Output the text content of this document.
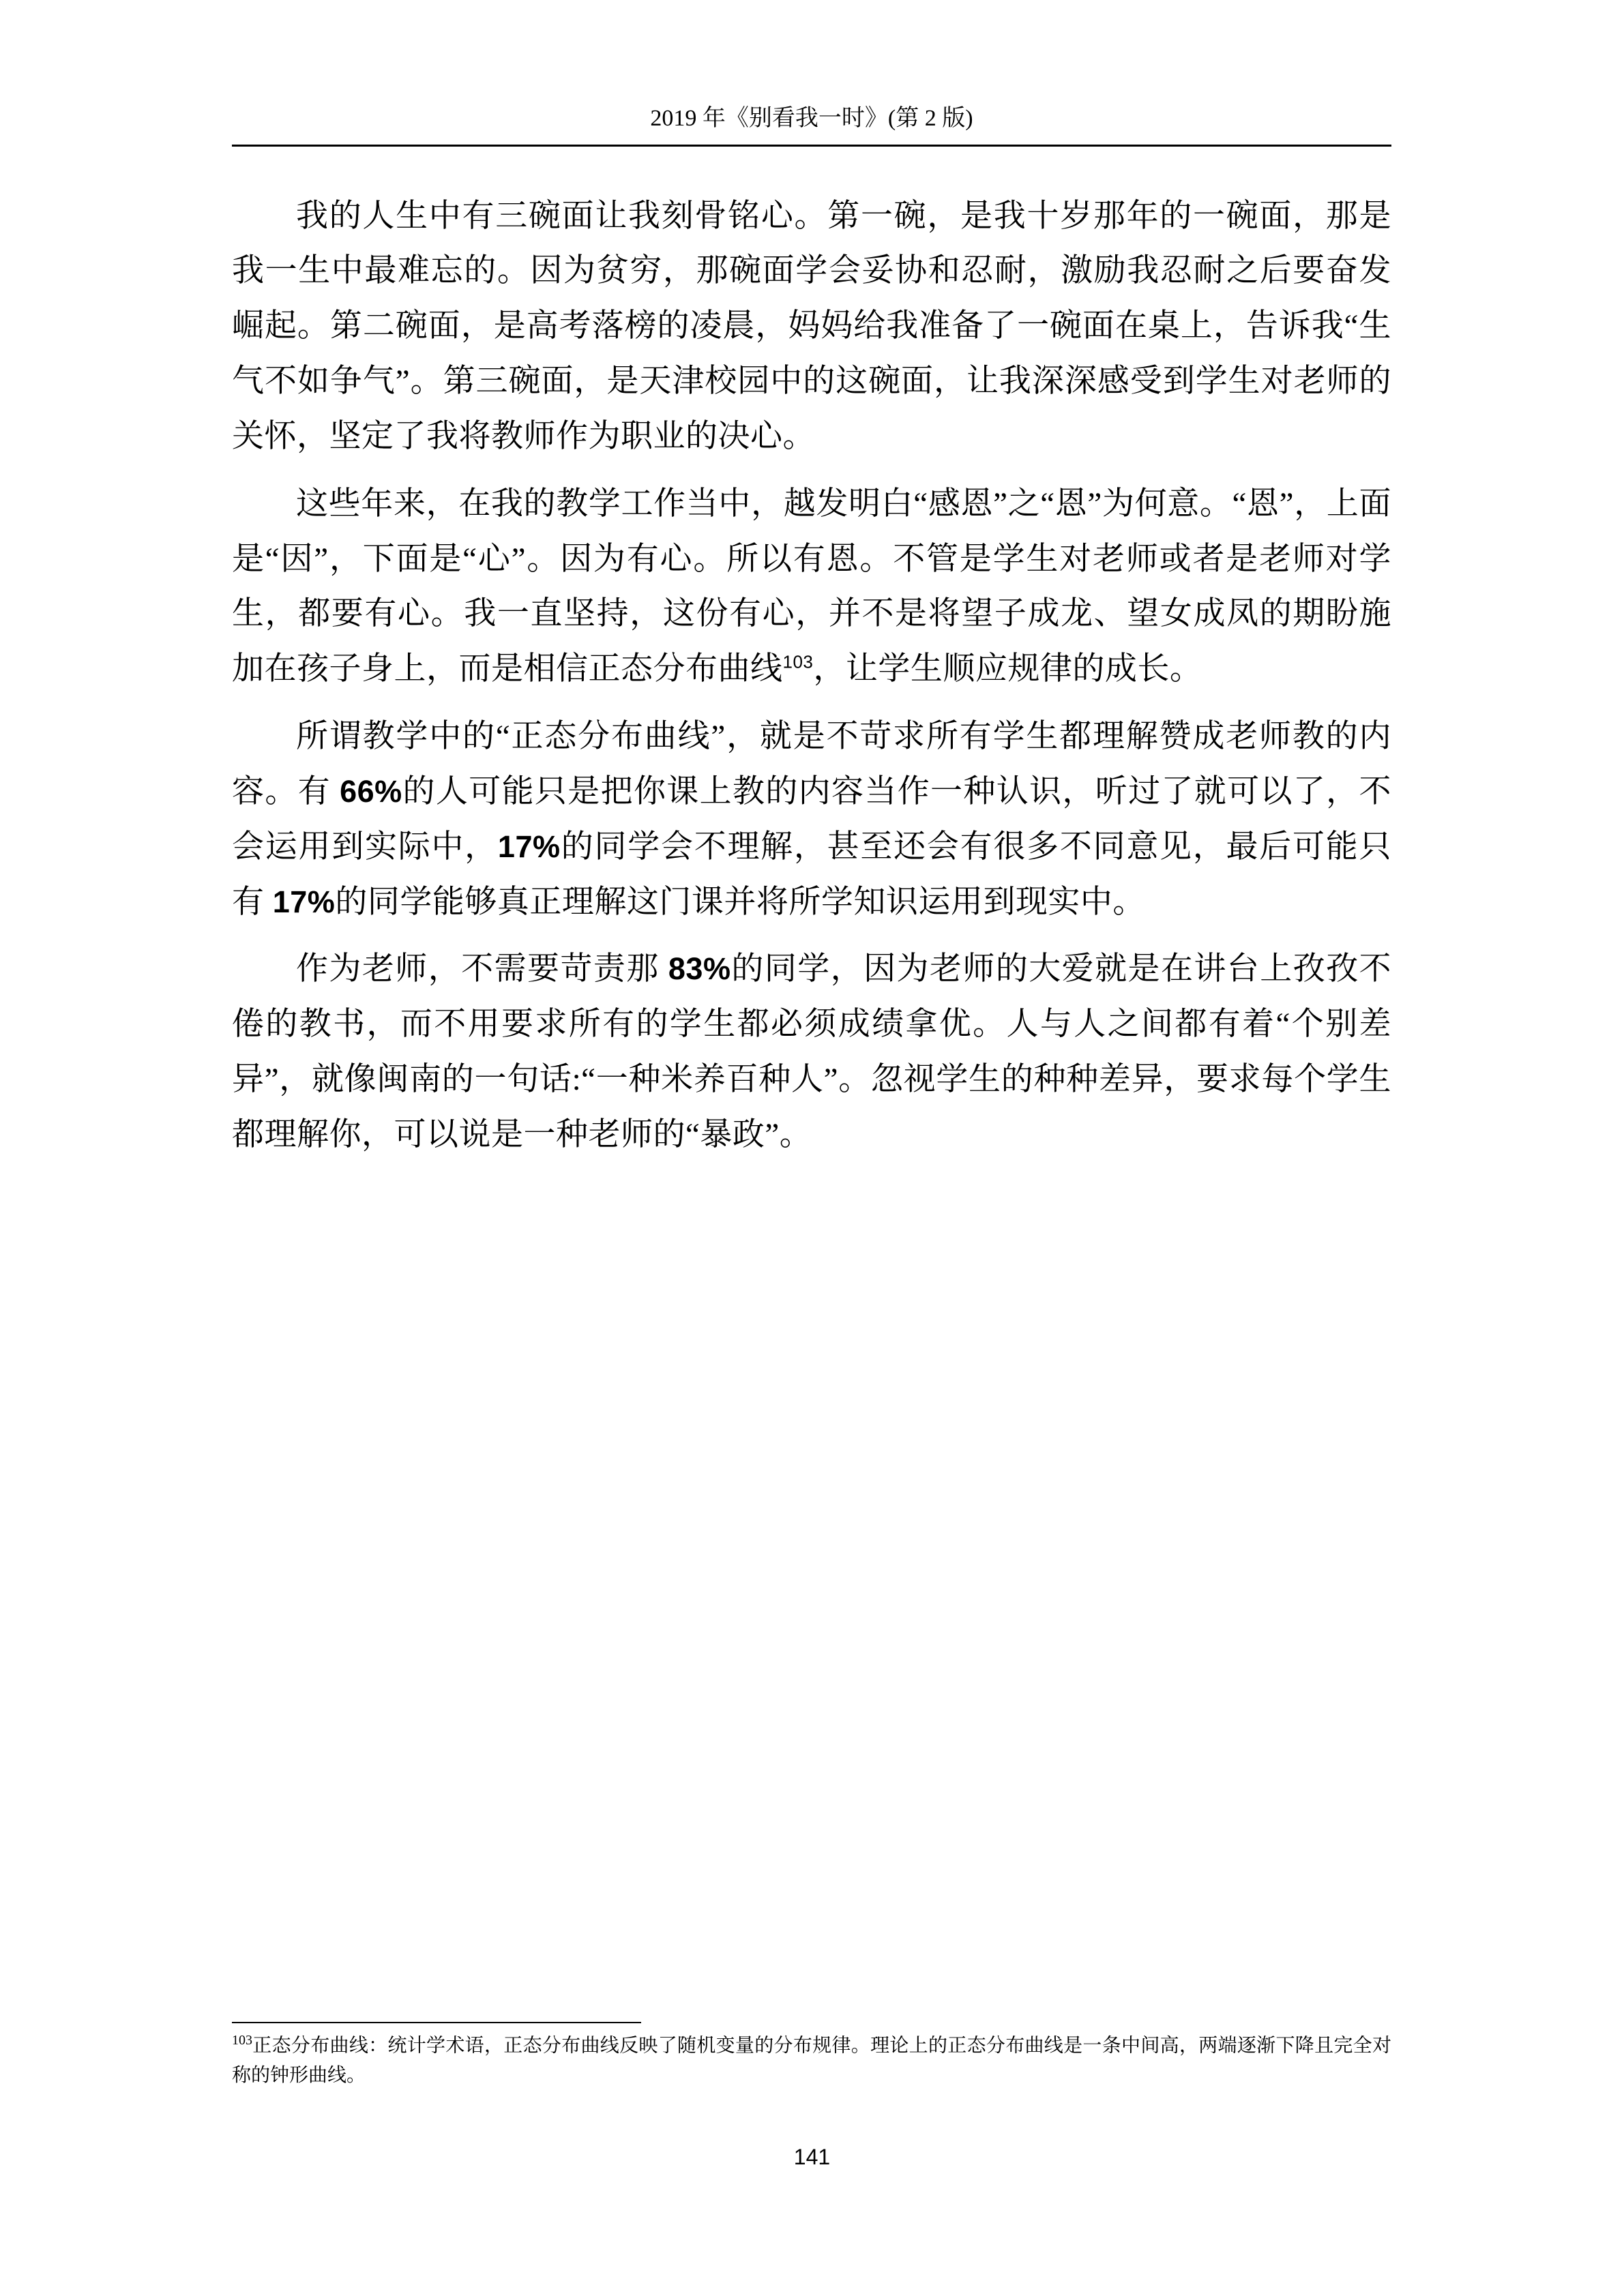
2019 年《别看我一时》(第 2 版)

我的人生中有三碗面让我刻骨铭心。第一碗，是我十岁那年的一碗面，那是我一生中最难忘的。因为贫穷，那碗面学会妥协和忍耐，激励我忍耐之后要奋发崛起。第二碗面，是高考落榜的凌晨，妈妈给我准备了一碗面在桌上，告诉我“生气不如争气”。第三碗面，是天津校园中的这碗面，让我深深感受到学生对老师的关怀，坚定了我将教师作为职业的决心。

这些年来，在我的教学工作当中，越发明白“感恩”之“恩”为何意。“恩”，上面是“因”，下面是“心”。因为有心。所以有恩。不管是学生对老师或者是老师对学生，都要有心。我一直坚持，这份有心，并不是将望子成龙、望女成凤的期盼施加在孩子身上，而是相信正态分布曲线$^{103}$，让学生顺应规律的成长。

所谓教学中的“正态分布曲线”，就是不苛求所有学生都理解赞成老师教的内容。有 66%的人可能只是把你课上教的内容当作一种认识，听过了就可以了，不会运用到实际中，17%的同学会不理解，甚至还会有很多不同意见，最后可能只有 17%的同学能够真正理解这门课并将所学知识运用到现实中。

作为老师，不需要苛责那 83%的同学，因为老师的大爱就是在讲台上孜孜不倦的教书，而不用要求所有的学生都必须成绩拿优。人与人之间都有着“个别差异”，就像闽南的一句话:“一种米养百种人”。忽视学生的种种差异，要求每个学生都理解你，可以说是一种老师的“暴政”。

$^{103}$正态分布曲线：统计学术语，正态分布曲线反映了随机变量的分布规律。理论上的正态分布曲线是一条中间高，两端逐渐下降且完全对称的钟形曲线。

141
